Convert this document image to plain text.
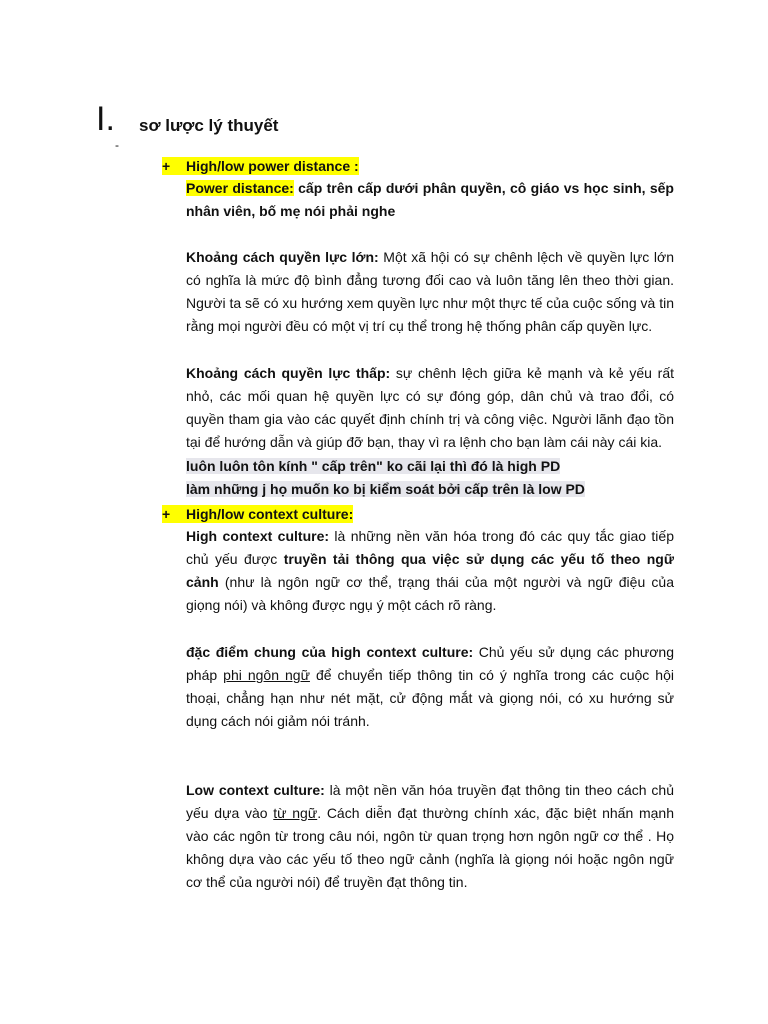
I. sơ lược lý thuyết
-
+ High/low power distance :

Power distance: cấp trên cấp dưới phân quyền, cô giáo vs học sinh, sếp nhân viên, bố mẹ nói phải nghe

Khoảng cách quyền lực lớn: Một xã hội có sự chênh lệch về quyền lực lớn có nghĩa là mức độ bình đẳng tương đối cao và luôn tăng lên theo thời gian. Người ta sẽ có xu hướng xem quyền lực như một thực tế của cuộc sống và tin rằng mọi người đều có một vị trí cụ thể trong hệ thống phân cấp quyền lực.

Khoảng cách quyền lực thấp: sự chênh lệch giữa kẻ mạnh và kẻ yếu rất nhỏ, các mối quan hệ quyền lực có sự đóng góp, dân chủ và trao đổi, có quyền tham gia vào các quyết định chính trị và công việc. Người lãnh đạo tồn tại để hướng dẫn và giúp đỡ bạn, thay vì ra lệnh cho bạn làm cái này cái kia.

luôn luôn tôn kính " cấp trên" ko cãi lại thì đó là high PD

làm những j họ muốn ko bị kiểm soát bởi cấp trên là low PD

+ High/low context culture:

High context culture: là những nền văn hóa trong đó các quy tắc giao tiếp chủ yếu được truyền tải thông qua việc sử dụng các yếu tố theo ngữ cảnh (như là ngôn ngữ cơ thể, trạng thái của một người và ngữ điệu của giọng nói) và không được ngụ ý một cách rõ ràng.

đặc điểm chung của high context culture: Chủ yếu sử dụng các phương pháp phi ngôn ngữ để chuyển tiếp thông tin có ý nghĩa trong các cuộc hội thoại, chẳng hạn như nét mặt, cử động mắt và giọng nói, có xu hướng sử dụng cách nói giảm nói tránh.

Low context culture: là một nền văn hóa truyền đạt thông tin theo cách chủ yếu dựa vào từ ngữ. Cách diễn đạt thường chính xác, đặc biệt nhấn mạnh vào các ngôn từ trong câu nói, ngôn từ quan trọng hơn ngôn ngữ cơ thể . Họ không dựa vào các yếu tố theo ngữ cảnh (nghĩa là giọng nói hoặc ngôn ngữ cơ thể của người nói) để truyền đạt thông tin.
